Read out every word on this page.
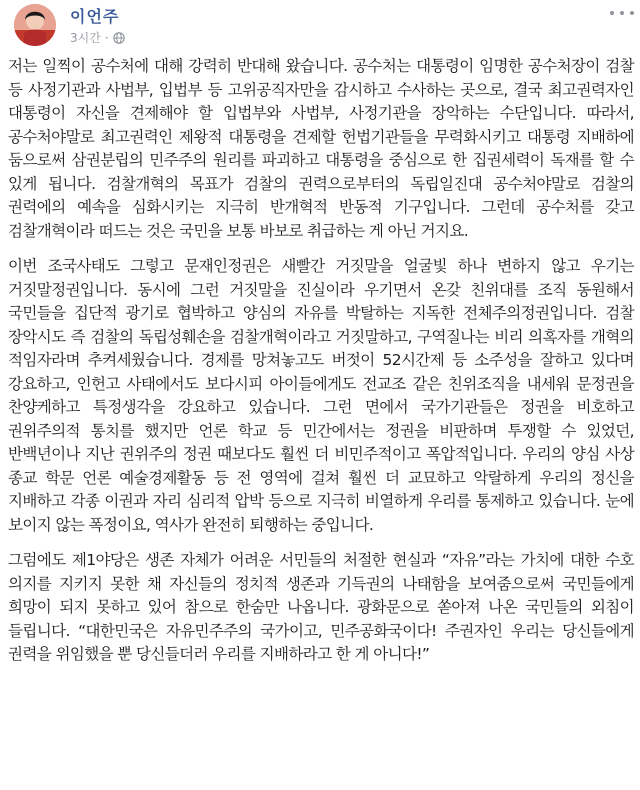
이언주
3시간 ·

저는 일찍이 공수처에 대해 강력히 반대해 왔습니다. 공수처는 대통령이 임명한 공수처장이 검찰 등 사정기관과 사법부, 입법부 등 고위공직자만을 감시하고 수사하는 곳으로, 결국 최고권력자인 대통령이 자신을 견제해야 할 입법부와 사법부, 사정기관을 장악하는 수단입니다. 따라서, 공수처야말로 최고권력인 제왕적 대통령을 견제할 헌법기관들을 무력화시키고 대통령 지배하에 둠으로써 삼권분립의 민주주의 원리를 파괴하고 대통령을 중심으로 한 집권세력이 독재를 할 수 있게 됩니다. 검찰개혁의 목표가 검찰의 권력으로부터의 독립일진대 공수처야말로 검찰의 권력에의 예속을 심화시키는 지극히 반개혁적 반동적 기구입니다. 그런데 공수처를 갖고 검찰개혁이라 떠드는 것은 국민을 보통 바보로 취급하는 게 아닌 거지요.

이번 조국사태도 그렇고 문재인정권은 새빨간 거짓말을 얼굴빛 하나 변하지 않고 우기는 거짓말정권입니다. 동시에 그런 거짓말을 진실이라 우기면서 온갖 친위대를 조직 동원해서 국민들을 집단적 광기로 협박하고 양심의 자유를 박탈하는 지독한 전체주의정권입니다. 검찰 장악시도 즉 검찰의 독립성훼손을 검찰개혁이라고 거짓말하고, 구역질나는 비리 의혹자를 개혁의 적임자라며 추켜세웠습니다. 경제를 망쳐놓고도 버젓이 52시간제 등 소주성을 잘하고 있다며 강요하고, 인헌고 사태에서도 보다시피 아이들에게도 전교조 같은 친위조직을 내세워 문정권을 찬양케하고 특정생각을 강요하고 있습니다. 그런 면에서 국가기관들은 정권을 비호하고 권위주의적 통치를 했지만 언론 학교 등 민간에서는 정권을 비판하며 투쟁할 수 있었던, 반백년이나 지난 권위주의 정권 때보다도 훨씬 더 비민주적이고 폭압적입니다. 우리의 양심 사상 종교 학문 언론 예술경제활동 등 전 영역에 걸쳐 훨씬 더 교묘하고 악랄하게 우리의 정신을 지배하고 각종 이권과 자리 심리적 압박 등으로 지극히 비열하게 우리를 통제하고 있습니다. 눈에 보이지 않는 폭정이요, 역사가 완전히 퇴행하는 중입니다.

그럼에도 제1야당은 생존 자체가 어려운 서민들의 처절한 현실과 “자유”라는 가치에 대한 수호 의지를 지키지 못한 채 자신들의 정치적 생존과 기득권의 나태함을 보여줌으로써 국민들에게 희망이 되지 못하고 있어 참으로 한숨만 나옵니다. 광화문으로 쏟아져 나온 국민들의 외침이 들립니다. “대한민국은 자유민주주의 국가이고, 민주공화국이다! 주권자인 우리는 당신들에게 권력을 위임했을 뿐 당신들더러 우리를 지배하라고 한 게 아니다!”
